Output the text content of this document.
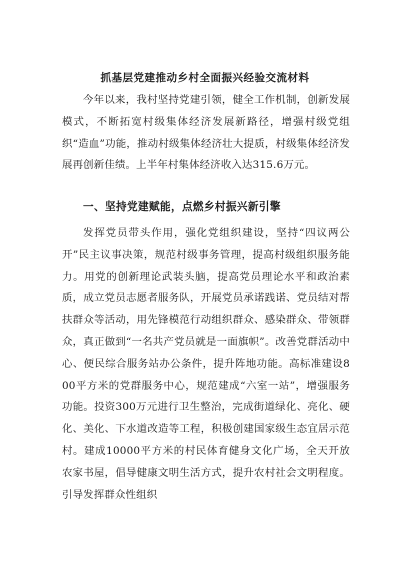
抓基层党建推动乡村全面振兴经验交流材料
今年以来，我村坚持党建引领，健全工作机制，创新发展模式，不断拓宽村级集体经济发展新路径，增强村级党组织“造血”功能，推动村级集体经济壮大提质，村级集体经济发展再创新佳绩。上半年村集体经济收入达315.6万元。
一、坚持党建赋能，点燃乡村振兴新引擎
发挥党员带头作用，强化党组织建设，坚持“四议两公开”民主议事决策，规范村级事务管理，提高村级组织服务能力。用党的创新理论武装头脑，提高党员理论水平和政治素质，成立党员志愿者服务队，开展党员承诺践诺、党员结对帮扶群众等活动，用先锋模范行动组织群众、感染群众、带领群众，真正做到“一名共产党员就是一面旗帜”。改善党群活动中心、便民综合服务站办公条件，提升阵地功能。高标准建设800平方米的党群服务中心，规范建成“六室一站”，增强服务功能。投资300万元进行卫生整治，完成街道绿化、亮化、硬化、美化、下水道改造等工程，积极创建国家级生态宜居示范村。建成10000平方米的村民体育健身文化广场，全天开放农家书屋，倡导健康文明生活方式，提升农村社会文明程度。引导发挥群众性组织
